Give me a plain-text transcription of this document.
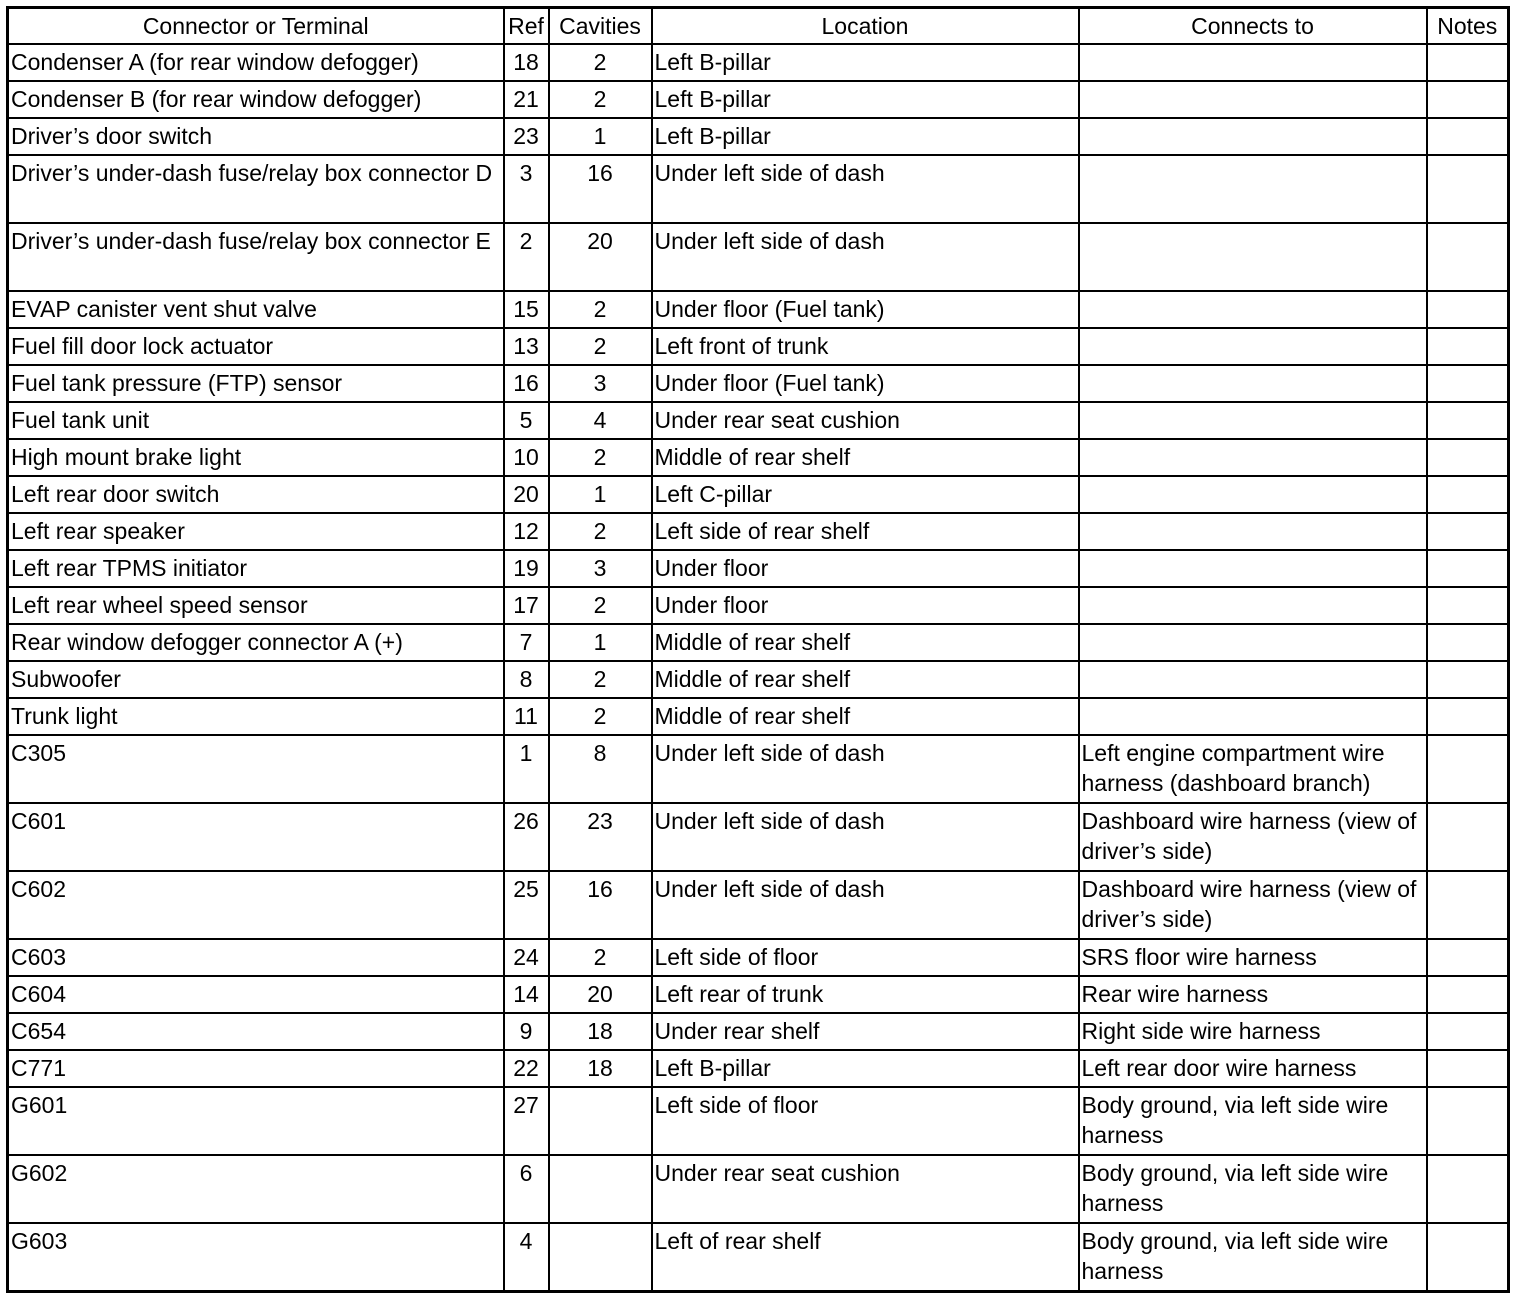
Connector or Terminal	Ref	Cavities	Location	Connects to	Notes
Condenser A (for rear window defogger)	18	2	Left B-pillar		
Condenser B (for rear window defogger)	21	2	Left B-pillar		
Driver’s door switch	23	1	Left B-pillar		
Driver’s under-dash fuse/relay box connector D	3	16	Under left side of dash		
Driver’s under-dash fuse/relay box connector E	2	20	Under left side of dash		
EVAP canister vent shut valve	15	2	Under floor (Fuel tank)		
Fuel fill door lock actuator	13	2	Left front of trunk		
Fuel tank pressure (FTP) sensor	16	3	Under floor (Fuel tank)		
Fuel tank unit	5	4	Under rear seat cushion		
High mount brake light	10	2	Middle of rear shelf		
Left rear door switch	20	1	Left C-pillar		
Left rear speaker	12	2	Left side of rear shelf		
Left rear TPMS initiator	19	3	Under floor		
Left rear wheel speed sensor	17	2	Under floor		
Rear window defogger connector A (+)	7	1	Middle of rear shelf		
Subwoofer	8	2	Middle of rear shelf		
Trunk light	11	2	Middle of rear shelf		
C305	1	8	Under left side of dash	Left engine compartment wire harness (dashboard branch)	
C601	26	23	Under left side of dash	Dashboard wire harness (view of driver’s side)	
C602	25	16	Under left side of dash	Dashboard wire harness (view of driver’s side)	
C603	24	2	Left side of floor	SRS floor wire harness	
C604	14	20	Left rear of trunk	Rear wire harness	
C654	9	18	Under rear shelf	Right side wire harness	
C771	22	18	Left B-pillar	Left rear door wire harness	
G601	27		Left side of floor	Body ground, via left side wire harness	
G602	6		Under rear seat cushion	Body ground, via left side wire harness	
G603	4		Left of rear shelf	Body ground, via left side wire harness	
